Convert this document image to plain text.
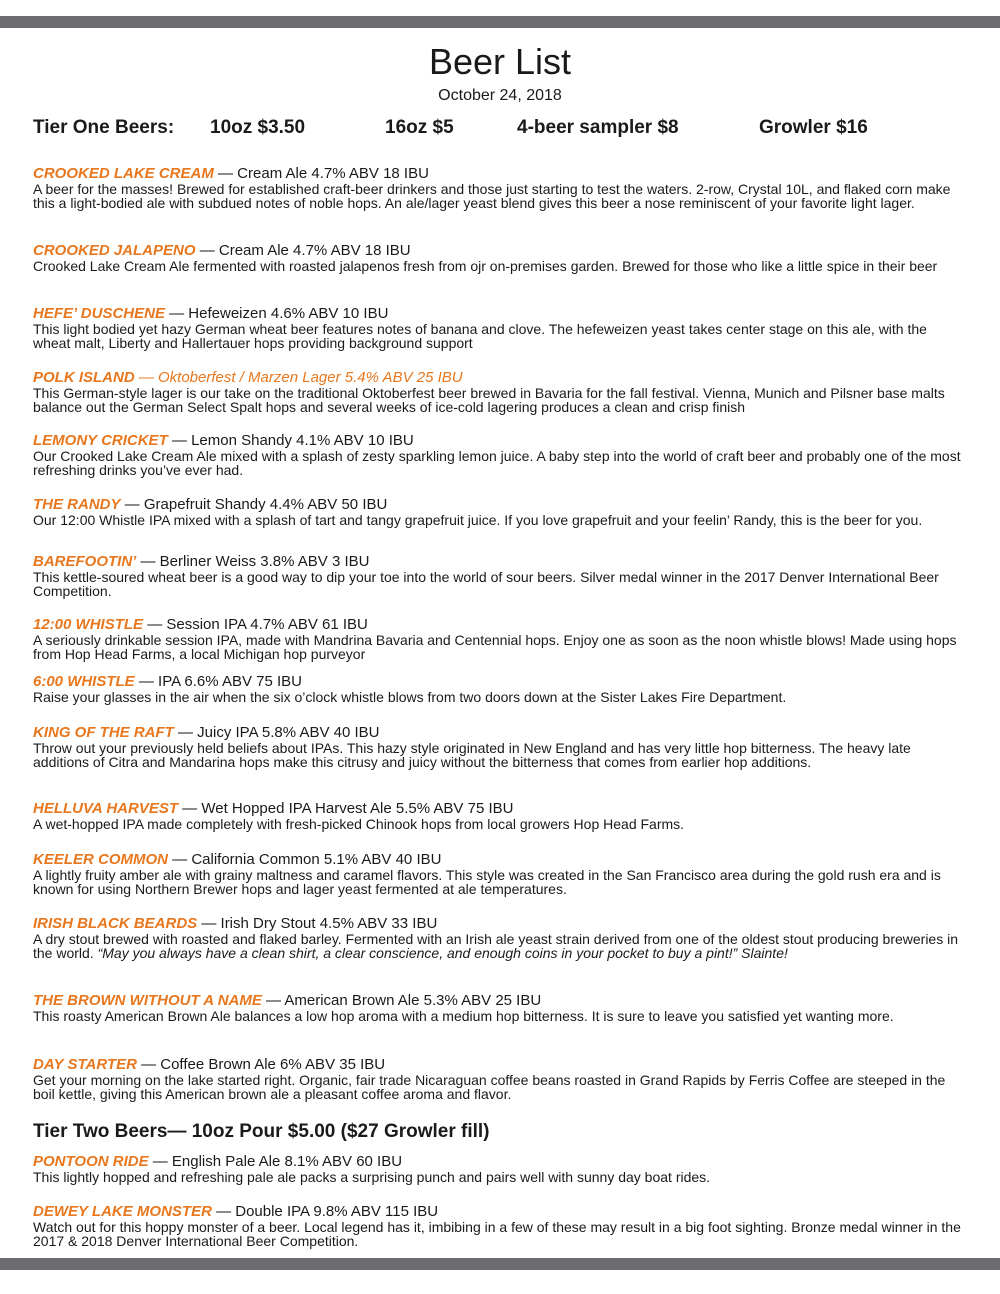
Beer List
October 24, 2018
Tier One Beers: 10oz $3.50	16oz $5	4-beer sampler $8	Growler $16
CROOKED LAKE CREAM — Cream Ale 4.7% ABV 18 IBU
A beer for the masses! Brewed for established craft-beer drinkers and those just starting to test the waters. 2-row, Crystal 10L, and flaked corn make this a light-bodied ale with subdued notes of noble hops. An ale/lager yeast blend gives this beer a nose reminiscent of your favorite light lager.
CROOKED JALAPENO — Cream Ale 4.7% ABV 18 IBU
Crooked Lake Cream Ale fermented with roasted jalapenos fresh from ojr on-premises garden. Brewed for those who like a little spice in their beer
HEFE’ DUSCHENE — Hefeweizen 4.6% ABV 10 IBU
This light bodied yet hazy German wheat beer features notes of banana and clove. The hefeweizen yeast takes center stage on this ale, with the wheat malt, Liberty and Hallertauer hops providing background support
POLK ISLAND — Oktoberfest / Marzen Lager 5.4% ABV 25 IBU
This German-style lager is our take on the traditional Oktoberfest beer brewed in Bavaria for the fall festival. Vienna, Munich and Pilsner base malts balance out the German Select Spalt hops and several weeks of ice-cold lagering produces a clean and crisp finish
LEMONY CRICKET — Lemon Shandy 4.1% ABV 10 IBU
Our Crooked Lake Cream Ale mixed with a splash of zesty sparkling lemon juice. A baby step into the world of craft beer and probably one of the most refreshing drinks you’ve ever had.
THE RANDY — Grapefruit Shandy 4.4% ABV 50 IBU
Our 12:00 Whistle IPA mixed with a splash of tart and tangy grapefruit juice. If you love grapefruit and your feelin’ Randy, this is the beer for you.
BAREFOOTIN’ — Berliner Weiss 3.8% ABV 3 IBU
This kettle-soured wheat beer is a good way to dip your toe into the world of sour beers. Silver medal winner in the 2017 Denver International Beer Competition.
12:00 WHISTLE — Session IPA 4.7% ABV 61 IBU
A seriously drinkable session IPA, made with Mandrina Bavaria and Centennial hops. Enjoy one as soon as the noon whistle blows! Made using hops from Hop Head Farms, a local Michigan hop purveyor
6:00 WHISTLE — IPA 6.6% ABV 75 IBU
Raise your glasses in the air when the six o’clock whistle blows from two doors down at the Sister Lakes Fire Department.
KING OF THE RAFT — Juicy IPA 5.8% ABV 40 IBU
Throw out your previously held beliefs about IPAs. This hazy style originated in New England and has very little hop bitterness. The heavy late additions of Citra and Mandarina hops make this citrusy and juicy without the bitterness that comes from earlier hop additions.
HELLUVA HARVEST — Wet Hopped IPA Harvest Ale 5.5% ABV 75 IBU
A wet-hopped IPA made completely with fresh-picked Chinook hops from local growers Hop Head Farms.
KEELER COMMON — California Common 5.1% ABV 40 IBU
A lightly fruity amber ale with grainy maltness and caramel flavors. This style was created in the San Francisco area during the gold rush era and is known for using Northern Brewer hops and lager yeast fermented at ale temperatures.
IRISH BLACK BEARDS — Irish Dry Stout 4.5% ABV 33 IBU
A dry stout brewed with roasted and flaked barley. Fermented with an Irish ale yeast strain derived from one of the oldest stout producing breweries in the world. “May you always have a clean shirt, a clear conscience, and enough coins in your pocket to buy a pint!” Slainte!
THE BROWN WITHOUT A NAME — American Brown Ale 5.3% ABV 25 IBU
This roasty American Brown Ale balances a low hop aroma with a medium hop bitterness. It is sure to leave you satisfied yet wanting more.
DAY STARTER — Coffee Brown Ale 6% ABV 35 IBU
Get your morning on the lake started right. Organic, fair trade Nicaraguan coffee beans roasted in Grand Rapids by Ferris Coffee are steeped in the boil kettle, giving this American brown ale a pleasant coffee aroma and flavor.
Tier Two Beers— 10oz Pour $5.00 ($27 Growler fill)
PONTOON RIDE — English Pale Ale 8.1% ABV 60 IBU
This lightly hopped and refreshing pale ale packs a surprising punch and pairs well with sunny day boat rides.
DEWEY LAKE MONSTER — Double IPA 9.8% ABV 115 IBU
Watch out for this hoppy monster of a beer. Local legend has it, imbibing in a few of these may result in a big foot sighting. Bronze medal winner in the 2017 & 2018 Denver International Beer Competition.
